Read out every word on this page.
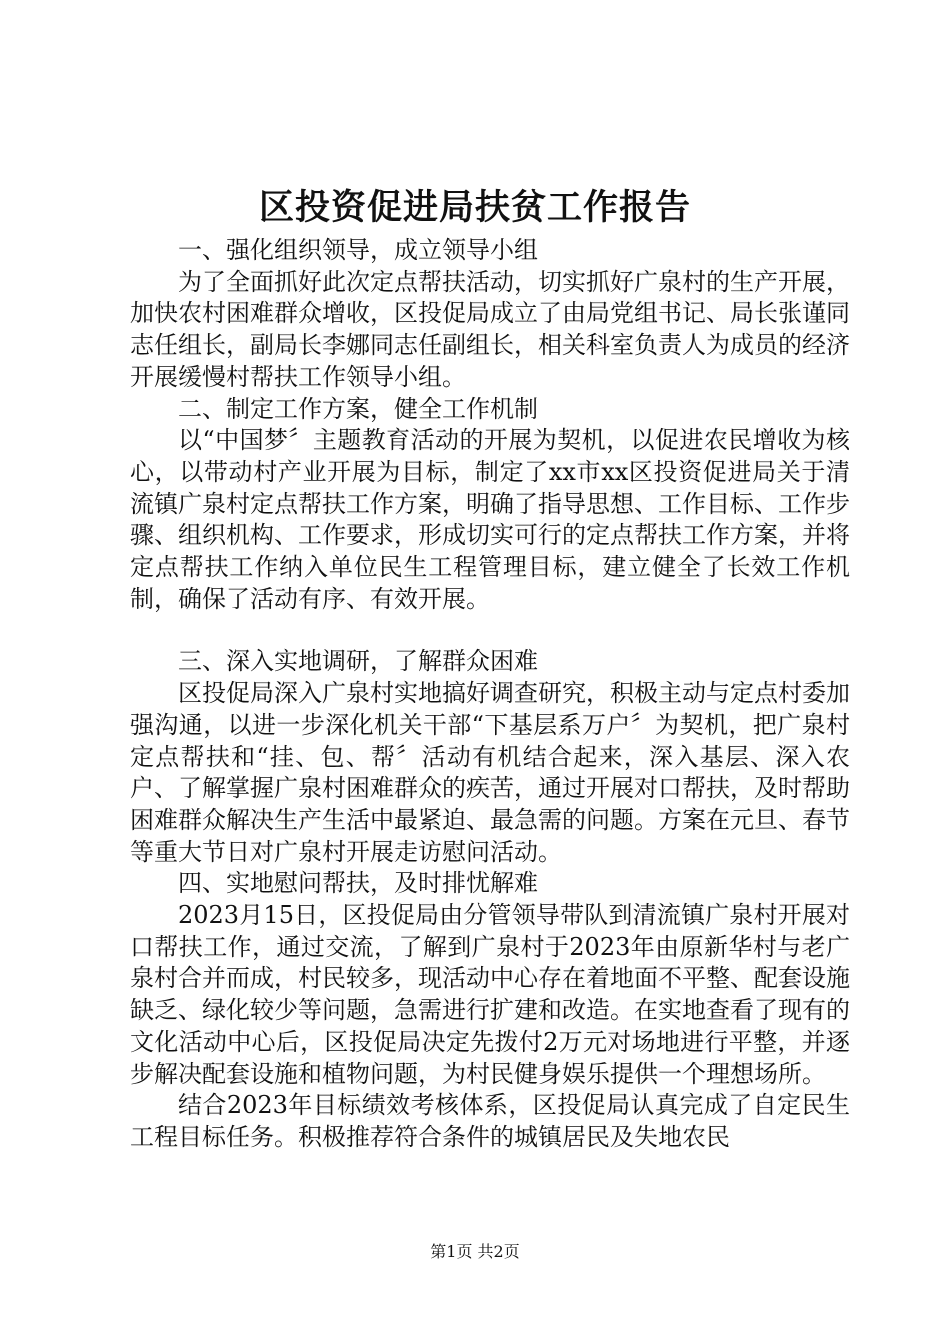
区投资促进局扶贫工作报告

一、强化组织领导，成立领导小组

为了全面抓好此次定点帮扶活动，切实抓好广泉村的生产开展，加快农村困难群众增收，区投促局成立了由局党组书记、局长张谨同志任组长，副局长李娜同志任副组长，相关科室负责人为成员的经济开展缓慢村帮扶工作领导小组。

二、制定工作方案，健全工作机制

以“中国梦〞主题教育活动的开展为契机，以促进农民增收为核心，以带动村产业开展为目标，制定了xx市xx区投资促进局关于清流镇广泉村定点帮扶工作方案，明确了指导思想、工作目标、工作步骤、组织机构、工作要求，形成切实可行的定点帮扶工作方案，并将定点帮扶工作纳入单位民生工程管理目标，建立健全了长效工作机制，确保了活动有序、有效开展。

三、深入实地调研，了解群众困难

区投促局深入广泉村实地搞好调查研究，积极主动与定点村委加强沟通，以进一步深化机关干部“下基层系万户〞为契机，把广泉村定点帮扶和“挂、包、帮〞活动有机结合起来，深入基层、深入农户、了解掌握广泉村困难群众的疾苦，通过开展对口帮扶，及时帮助困难群众解决生产生活中最紧迫、最急需的问题。方案在元旦、春节等重大节日对广泉村开展走访慰问活动。

四、实地慰问帮扶，及时排忧解难

2023月15日，区投促局由分管领导带队到清流镇广泉村开展对口帮扶工作，通过交流，了解到广泉村于2023年由原新华村与老广泉村合并而成，村民较多，现活动中心存在着地面不平整、配套设施缺乏、绿化较少等问题，急需进行扩建和改造。在实地查看了现有的文化活动中心后，区投促局决定先拨付2万元对场地进行平整，并逐步解决配套设施和植物问题，为村民健身娱乐提供一个理想场所。

结合2023年目标绩效考核体系，区投促局认真完成了自定民生工程目标任务。积极推荐符合条件的城镇居民及失地农民

第1页 共2页
